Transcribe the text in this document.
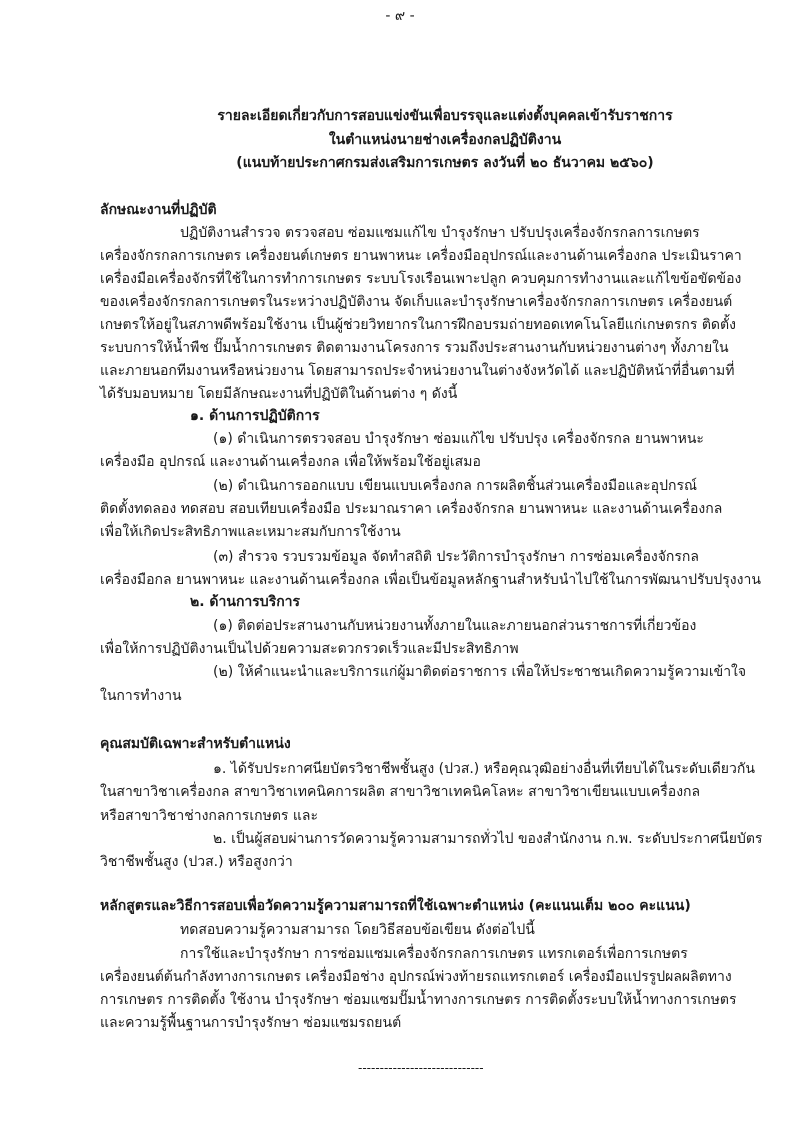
- ๙ -
รายละเอียดเกี่ยวกับการสอบแข่งขันเพื่อบรรจุและแต่งตั้งบุคคลเข้ารับราชการ
ในตำแหน่งนายช่างเครื่องกลปฏิบัติงาน
(แนบท้ายประกาศกรมส่งเสริมการเกษตร ลงวันที่ ๒๐ ธันวาคม ๒๕๖๐)
ลักษณะงานที่ปฏิบัติ
ปฏิบัติงานสำรวจ ตรวจสอบ ซ่อมแซมแก้ไข บำรุงรักษา ปรับปรุงเครื่องจักรกลการเกษตร
เครื่องจักรกลการเกษตร เครื่องยนต์เกษตร ยานพาหนะ เครื่องมืออุปกรณ์และงานด้านเครื่องกล ประเมินราคา
เครื่องมือเครื่องจักรที่ใช้ในการทำการเกษตร ระบบโรงเรือนเพาะปลูก ควบคุมการทำงานและแก้ไขข้อขัดข้อง
ของเครื่องจักรกลการเกษตรในระหว่างปฏิบัติงาน จัดเก็บและบำรุงรักษาเครื่องจักรกลการเกษตร เครื่องยนต์
เกษตรให้อยู่ในสภาพดีพร้อมใช้งาน เป็นผู้ช่วยวิทยากรในการฝึกอบรมถ่ายทอดเทคโนโลยีแก่เกษตรกร ติดตั้ง
ระบบการให้น้ำพืช ปั๊มน้ำการเกษตร ติดตามงานโครงการ รวมถึงประสานงานกับหน่วยงานต่างๆ ทั้งภายใน
และภายนอกทีมงานหรือหน่วยงาน โดยสามารถประจำหน่วยงานในต่างจังหวัดได้ และปฏิบัติหน้าที่อื่นตามที่
ได้รับมอบหมาย โดยมีลักษณะงานที่ปฏิบัติในด้านต่าง ๆ ดังนี้
๑. ด้านการปฏิบัติการ
(๑) ดำเนินการตรวจสอบ บำรุงรักษา ซ่อมแก้ไข ปรับปรุง เครื่องจักรกล ยานพาหนะ
เครื่องมือ อุปกรณ์ และงานด้านเครื่องกล เพื่อให้พร้อมใช้อยู่เสมอ
(๒) ดำเนินการออกแบบ เขียนแบบเครื่องกล การผลิตชิ้นส่วนเครื่องมือและอุปกรณ์
ติดตั้งทดลอง ทดสอบ สอบเทียบเครื่องมือ ประมาณราคา เครื่องจักรกล ยานพาหนะ และงานด้านเครื่องกล
เพื่อให้เกิดประสิทธิภาพและเหมาะสมกับการใช้งาน
(๓) สำรวจ รวบรวมข้อมูล จัดทำสถิติ ประวัติการบำรุงรักษา การซ่อมเครื่องจักรกล
เครื่องมือกล ยานพาหนะ และงานด้านเครื่องกล เพื่อเป็นข้อมูลหลักฐานสำหรับนำไปใช้ในการพัฒนาปรับปรุงงาน
๒. ด้านการบริการ
(๑) ติดต่อประสานงานกับหน่วยงานทั้งภายในและภายนอกส่วนราชการที่เกี่ยวข้อง
เพื่อให้การปฏิบัติงานเป็นไปด้วยความสะดวกรวดเร็วและมีประสิทธิภาพ
(๒) ให้คำแนะนำและบริการแก่ผู้มาติดต่อราชการ เพื่อให้ประชาชนเกิดความรู้ความเข้าใจ
ในการทำงาน
คุณสมบัติเฉพาะสำหรับตำแหน่ง
๑. ได้รับประกาศนียบัตรวิชาชีพชั้นสูง (ปวส.) หรือคุณวุฒิอย่างอื่นที่เทียบได้ในระดับเดียวกัน
ในสาขาวิชาเครื่องกล สาขาวิชาเทคนิคการผลิต สาขาวิชาเทคนิคโลหะ สาขาวิชาเขียนแบบเครื่องกล
หรือสาขาวิชาช่างกลการเกษตร และ
๒. เป็นผู้สอบผ่านการวัดความรู้ความสามารถทั่วไป ของสำนักงาน ก.พ. ระดับประกาศนียบัตร
วิชาชีพชั้นสูง (ปวส.) หรือสูงกว่า
หลักสูตรและวิธีการสอบเพื่อวัดความรู้ความสามารถที่ใช้เฉพาะตำแหน่ง (คะแนนเต็ม ๒๐๐ คะแนน)
ทดสอบความรู้ความสามารถ โดยวิธีสอบข้อเขียน ดังต่อไปนี้
การใช้และบำรุงรักษา การซ่อมแซมเครื่องจักรกลการเกษตร แทรกเตอร์เพื่อการเกษตร
เครื่องยนต์ต้นกำลังทางการเกษตร เครื่องมือช่าง อุปกรณ์พ่วงท้ายรถแทรกเตอร์ เครื่องมือแปรรูปผลผลิตทาง
การเกษตร การติดตั้ง ใช้งาน บำรุงรักษา ซ่อมแซมปั๊มน้ำทางการเกษตร การติดตั้งระบบให้น้ำทางการเกษตร
และความรู้พื้นฐานการบำรุงรักษา ซ่อมแซมรถยนต์
-----------------------------
